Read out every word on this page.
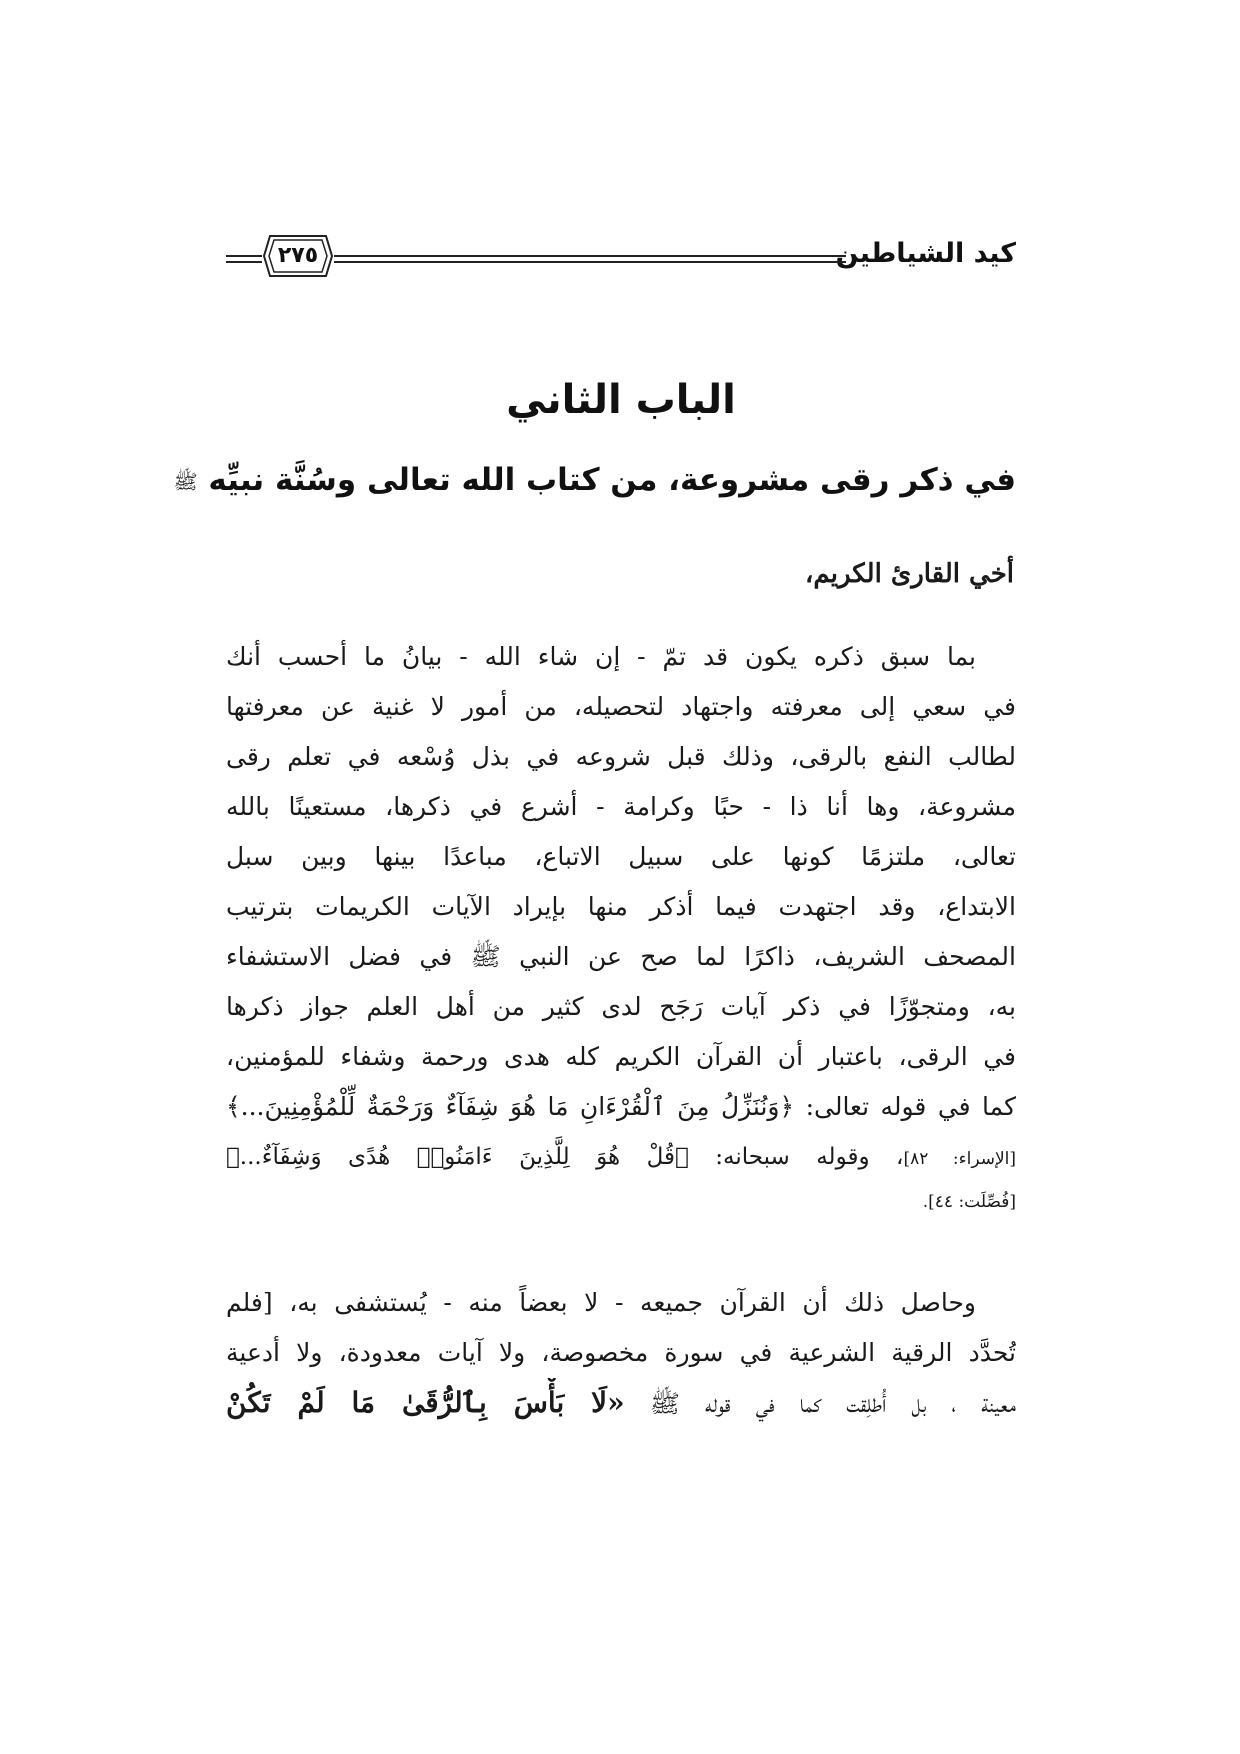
كيد الشياطين
٢٧٥
الباب الثاني
في ذكر رقى مشروعة، من كتاب الله تعالى وسُنَّة نبيِّه ﷺ

أخي القارئ الكريم،

بما سبق ذكره يكون قد تمّ - إن شاء الله - بيانُ ما أحسب أنك
في سعي إلى معرفته واجتهاد لتحصيله، من أمور لا غنية عن معرفتها
لطالب النفع بالرقى، وذلك قبل شروعه في بذل وُسْعه في تعلم رقى
مشروعة، وها أنا ذا - حبًا وكرامة - أشرع في ذكرها، مستعينًا بالله
تعالى، ملتزمًا كونها على سبيل الاتباع، مباعدًا بينها وبين سبل
الابتداع، وقد اجتهدت فيما أذكر منها بإيراد الآيات الكريمات بترتيب
المصحف الشريف، ذاكرًا لما صح عن النبي ﷺ في فضل الاستشفاء
به، ومتجوّزًا في ذكر آيات رَجَح لدى كثير من أهل العلم جواز ذكرها
في الرقى، باعتبار أن القرآن الكريم كله هدى ورحمة وشفاء للمؤمنين،
كما في قوله تعالى: ﴿وَنُنَزِّلُ مِنَ ٱلْقُرْءَانِ مَا هُوَ شِفَآءٌ وَرَحْمَةٌ لِّلْمُؤْمِنِينَ...﴾
[الإسراء: ٨٢]، وقوله سبحانه: ﴿قُلْ هُوَ لِلَّذِينَ ءَامَنُوا۟ هُدًى وَشِفَآءٌ...﴾
[فُصِّلَت: ٤٤].
وحاصل ذلك أن القرآن جميعه - لا بعضاً منه - يُستشفى به، [فلم
تُحدَّد الرقية الشرعية في سورة مخصوصة، ولا آيات معدودة، ولا أدعية
معينة ، بل أُطلِقت كما في قوله ﷺ «لَا بَأْسَ بِٱلرُّقَىٰ مَا لَمْ تَكُنْ
